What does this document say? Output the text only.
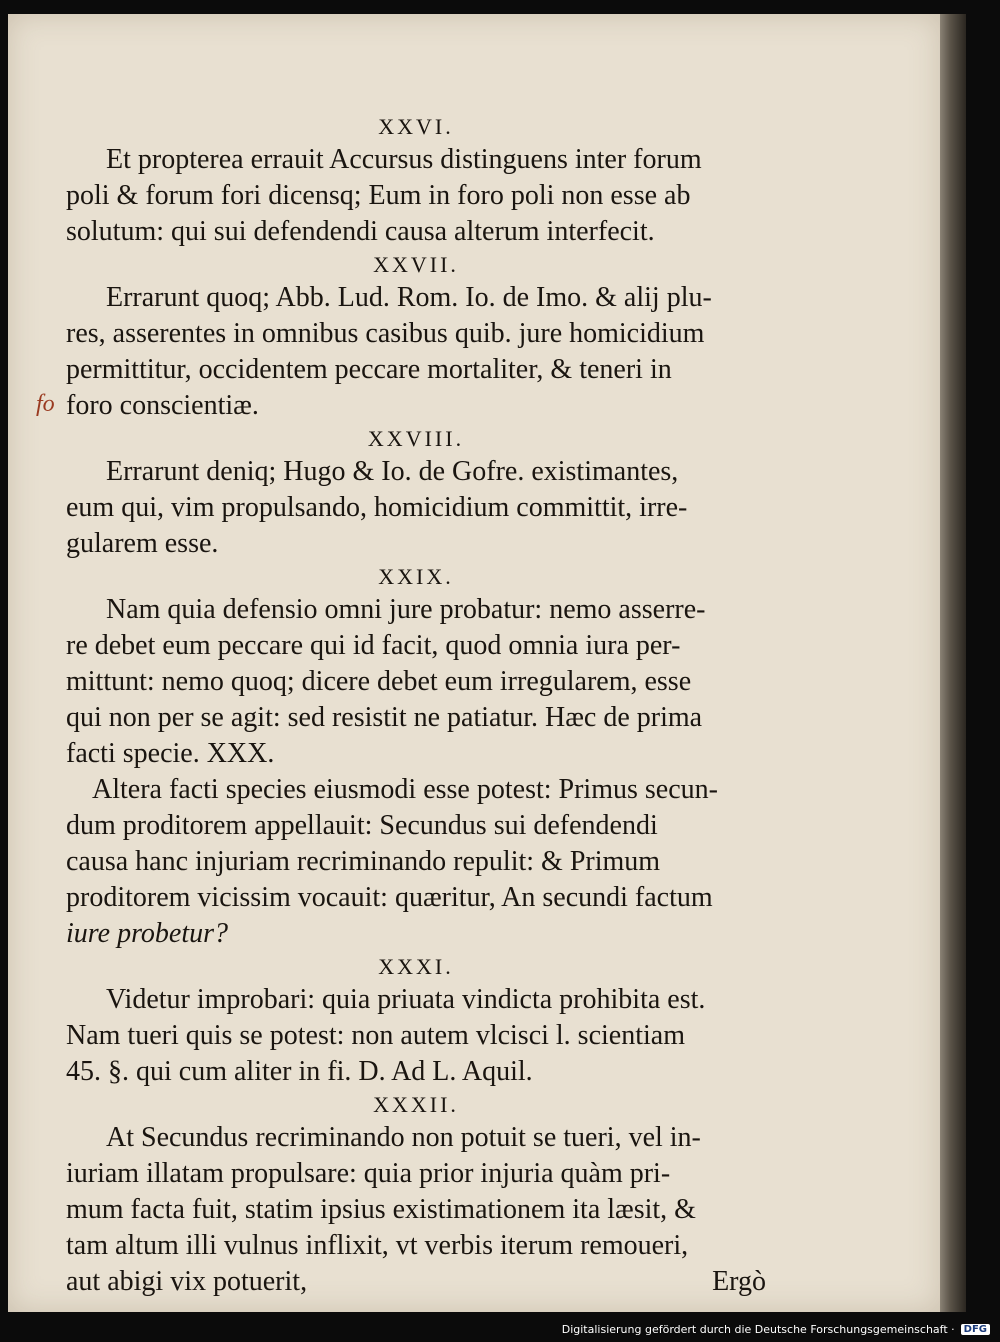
XXVI.
Et propterea errauit Accursus distinguens inter forum
poli & forum fori dicensq; Eum in foro poli non esse ab
solutum: qui sui defendendi causa alterum interfecit.
XXVII.
Errarunt quoq; Abb. Lud. Rom. Io. de Imo. & alij plu-
res, asserentes in omnibus casibus quib. jure homicidium
permittitur, occidentem peccare mortaliter, & teneri in
foro conscientiæ.
XXVIII.
Errarunt deniq; Hugo & Io. de Gofre. existimantes,
eum qui, vim propulsando, homicidium committit, irre-
gularem esse.
XXIX.
Nam quia defensio omni jure probatur: nemo asserre-
re debet eum peccare qui id facit, quod omnia iura per-
mittunt: nemo quoq; dicere debet eum irregularem, esse
qui non per se agit: sed resistit ne patiatur. Hæc de prima
facti specie. XXX.
Altera facti species eiusmodi esse potest: Primus secun-
dum proditorem appellauit: Secundus sui defendendi
causa hanc injuriam recriminando repulit: & Primum
proditorem vicissim vocauit: quæritur, An secundi factum
iure probetur?
XXXI.
Videtur improbari: quia priuata vindicta prohibita est.
Nam tueri quis se potest: non autem vlcisci l. scientiam
45. §. qui cum aliter in fi. D. Ad L. Aquil.
XXXII.
At Secundus recriminando non potuit se tueri, vel in-
iuriam illatam propulsare: quia prior injuria quàm pri-
mum facta fuit, statim ipsius existimationem ita læsit, &
tam altum illi vulnus inflixit, vt verbis iterum remoueri,
aut abigi vix potuerit,	Ergò
fo
Digitalisierung gefördert durch die Deutsche Forschungsgemeinschaft · DFG
